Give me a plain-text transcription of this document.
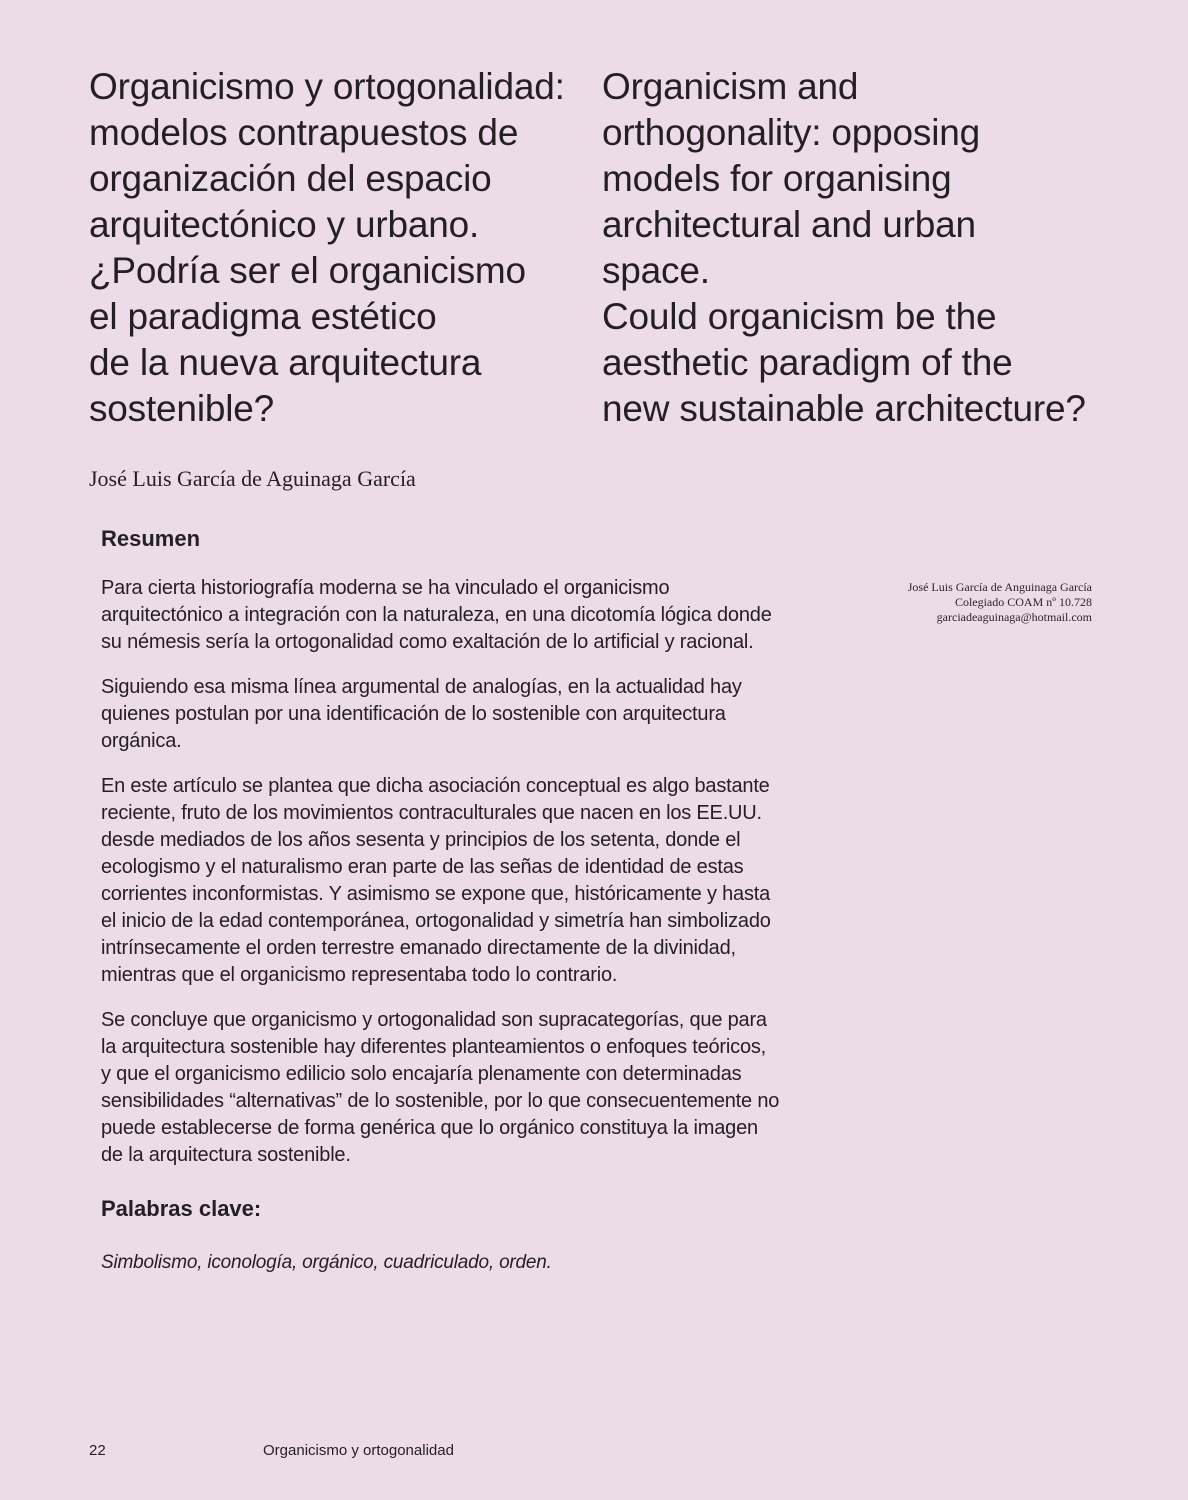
Organicismo y ortogonalidad:
modelos contrapuestos de
organización del espacio
arquitectónico y urbano.
¿Podría ser el organicismo
el paradigma estético
de la nueva arquitectura
sostenible?
Organicism and
orthogonality: opposing
models for organising
architectural and urban
space.
Could organicism be the
aesthetic paradigm of the
new sustainable architecture?

José Luis García de Aguinaga García

Resumen

Para cierta historiografía moderna se ha vinculado el organicismo arquitectónico a integración con la naturaleza, en una dicotomía lógica donde su némesis sería la ortogonalidad como exaltación de lo artificial y racional.

Siguiendo esa misma línea argumental de analogías, en la actualidad hay quienes postulan por una identificación de lo sostenible con arquitectura orgánica.

En este artículo se plantea que dicha asociación conceptual es algo bastante reciente, fruto de los movimientos contraculturales que nacen en los EE.UU. desde mediados de los años sesenta y principios de los setenta, donde el ecologismo y el naturalismo eran parte de las señas de identidad de estas corrientes inconformistas. Y asimismo se expone que, históricamente y hasta el inicio de la edad contemporánea, ortogonalidad y simetría han simbolizado intrínsecamente el orden terrestre emanado directamente de la divinidad, mientras que el organicismo representaba todo lo contrario.

Se concluye que organicismo y ortogonalidad son supracategorías, que para la arquitectura sostenible hay diferentes planteamientos o enfoques teóricos, y que el organicismo edilicio solo encajaría plenamente con determinadas sensibilidades “alternativas” de lo sostenible, por lo que consecuentemente no puede establecerse de forma genérica que lo orgánico constituya la imagen de la arquitectura sostenible.

Palabras clave:

Simbolismo, iconología, orgánico, cuadriculado, orden.

José Luis García de Anguinaga García
Colegiado COAM nº 10.728
garciadeaguinaga@hotmail.com
22	Organicismo y ortogonalidad
